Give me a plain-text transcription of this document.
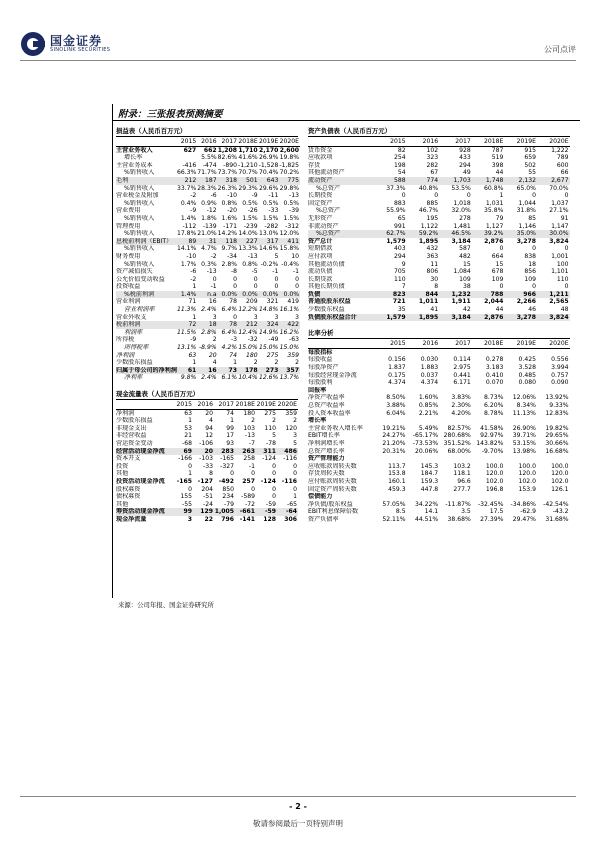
国金证券
SINOLINK SECURITIES	公司点评
附录：三张报表预测摘要
损益表（人民币百万元）
	2015	2016	2017	2018E	2019E	2020E
主营业务收入	627	662	1,208	1,710	2,170	2,600
增长率		5.5%	82.6%	41.6%	26.9%	19.8%
主营业务成本	-416	-474	-890	-1,210	-1,528	-1,825
%销售收入	66.3%	71.7%	73.7%	70.7%	70.4%	70.2%
毛利	212	187	318	501	643	775
%销售收入	33.7%	28.3%	26.3%	29.3%	29.6%	29.8%
营业税金及附加	-2	-6	-10	-9	-11	-13
%销售收入	0.4%	0.9%	0.8%	0.5%	0.5%	0.5%
营业费用	-9	-12	-20	-26	-33	-39
%销售收入	1.4%	1.8%	1.6%	1.5%	1.5%	1.5%
管理费用	-112	-139	-171	-239	-282	-312
%销售收入	17.8%	21.0%	14.2%	14.0%	13.0%	12.0%
息税前利润（EBIT）	89	31	118	227	317	411
%销售收入	14.1%	4.7%	9.7%	13.3%	14.6%	15.8%
财务费用	-10	-2	-34	-13	5	10
%销售收入	1.7%	0.3%	2.8%	0.8%	-0.2%	-0.4%
资产减值损失	-6	-13	-8	-5	-1	-1
公允价值变动收益	-2	0	0	0	0	0
投资收益	1	-1	0	0	0	0
%税前利润	1.4%	n.a	0.0%	0.0%	0.0%	0.0%
营业利润	71	16	78	209	321	419
营业利润率	11.3%	2.4%	6.4%	12.2%	14.8%	16.1%
营业外收支	1	3	0	3	3	3
税前利润	72	18	78	212	324	422
利润率	11.5%	2.8%	6.4%	12.4%	14.9%	16.2%
所得税	-9	2	-3	-32	-49	-63
所得税率	13.1%	-8.9%	4.2%	15.0%	15.0%	15.0%
净利润	63	20	74	180	275	359
少数股东损益	1	4	1	2	2	2
归属于母公司的净利润	61	16	73	178	273	357
净利率	9.8%	2.4%	6.1%	10.4%	12.6%	13.7%
现金流量表（人民币百万元）
	2015	2016	2017	2018E	2019E	2020E
净利润	63	20	74	180	275	359
少数股东损益	1	4	1	2	2	2
非现金支出	53	94	99	103	110	120
非经营收益	21	12	17	-13	5	3
营运资金变动	-68	-106	93	-7	-78	5
经营活动现金净流	69	20	283	263	311	486
资本开支	-166	-103	-165	258	-124	-116
投资	0	-33	-327	-1	0	0
其他	1	8	0	0	0	0
投资活动现金净流	-165	-127	-492	257	-124	-116
股权募资	0	204	850	0	0	0
债权募资	155	-51	234	-589	0	1
其他	-55	-24	-79	-72	-59	-65
筹资活动现金净流	99	129	1,005	-661	-59	-64
现金净流量	3	22	796	-141	128	306
资产负债表（人民币百万元）
	2015	2016	2017	2018E	2019E	2020E
货币资金	82	102	928	787	915	1,222
应收款项	254	323	433	519	659	789
存货	198	282	294	398	502	600
其他流动资产	54	67	49	44	55	66
流动资产	588	774	1,703	1,748	2,132	2,677
%总资产	37.3%	40.8%	53.5%	60.8%	65.0%	70.0%
长期投资	0	0	0	1	0	0
固定资产	883	885	1,018	1,031	1,044	1,037
%总资产	55.9%	46.7%	32.0%	35.8%	31.8%	27.1%
无形资产	65	195	278	79	85	91
非流动资产	991	1,122	1,481	1,127	1,146	1,147
%总资产	62.7%	59.2%	46.5%	39.2%	35.0%	30.0%
资产总计	1,579	1,895	3,184	2,876	3,278	3,824
短期借款	403	432	587	0	0	0
应付款项	294	363	482	664	838	1,001
其他流动负债	9	11	15	15	18	100
流动负债	705	806	1,084	678	856	1,101
长期贷款	110	30	109	109	109	110
其他长期负债	7	8	38	0	0	0
负债	823	844	1,232	788	966	1,211
普通股股东权益	721	1,011	1,911	2,044	2,266	2,565
少数股东权益	35	41	42	44	46	48
负债股东权益合计	1,579	1,895	3,184	2,876	3,278	3,824
比率分析
	2015	2016	2017	2018E	2019E	2020E
每股指标						
每股收益	0.156	0.030	0.114	0.278	0.425	0.556
每股净资产	1.837	1.883	2.975	3.183	3.528	3.994
每股经营现金净流	0.175	0.037	0.441	0.410	0.485	0.757
每股股利	4.374	4.374	6.171	0.070	0.080	0.090
回报率						
净资产收益率	8.50%	1.60%	3.83%	8.73%	12.06%	13.92%
总资产收益率	3.88%	0.85%	2.30%	6.20%	8.34%	9.33%
投入资本收益率	6.04%	2.21%	4.20%	8.78%	11.13%	12.83%
增长率						
主营业务收入增长率	19.21%	5.49%	82.57%	41.58%	26.90%	19.82%
EBIT增长率	24.27%	-65.17%	280.68%	92.97%	39.71%	29.65%
净利润增长率	21.20%	-73.53%	351.52%	143.82%	53.15%	30.66%
总资产增长率	20.31%	20.06%	68.00%	-9.70%	13.98%	16.68%
资产管理能力						
应收账款周转天数	113.7	145.3	103.2	100.0	100.0	100.0
存货周转天数	153.8	184.7	118.1	120.0	120.0	120.0
应付账款周转天数	160.1	159.3	96.6	102.0	102.0	102.0
固定资产周转天数	459.3	447.8	277.7	196.8	153.9	126.1
偿债能力						
净负债/股东权益	57.05%	34.22%	-11.87%	-32.45%	-34.86%	-42.54%
EBIT利息保障倍数	8.5	14.1	3.5	17.5	-62.9	-43.2
资产负债率	52.11%	44.51%	38.68%	27.39%	29.47%	31.68%
来源：公司年报、国金证券研究所
- 2 -
敬请参阅最后一页特别声明
